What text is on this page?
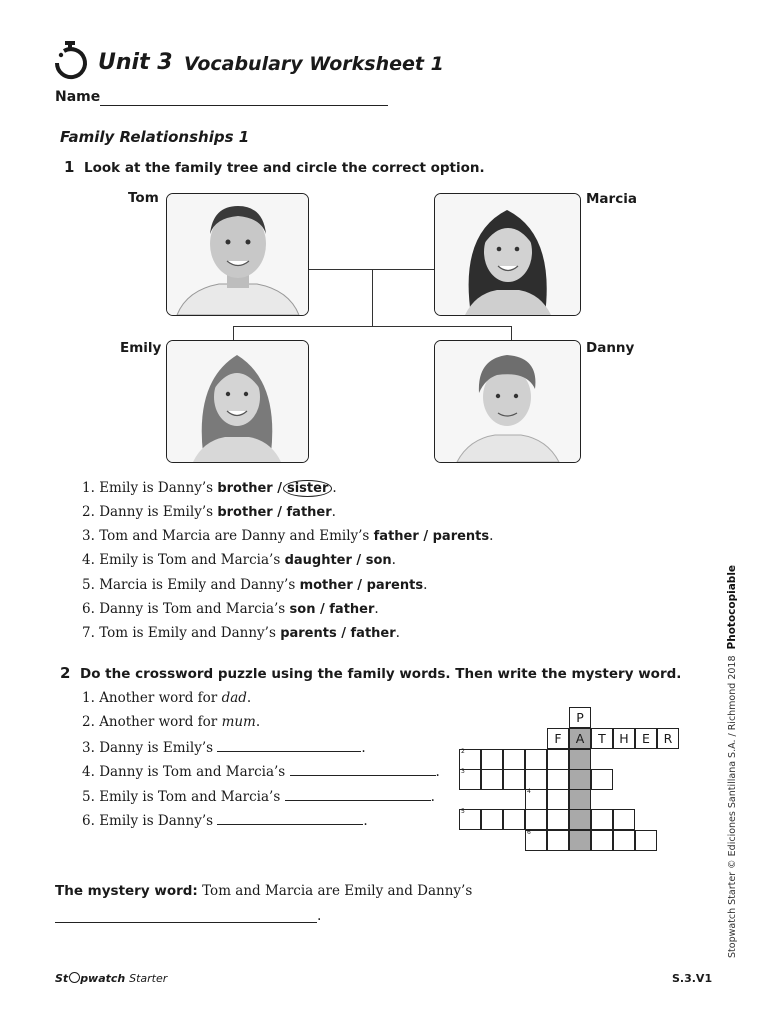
Unit 3 Vocabulary Worksheet 1
Name
Family Relationships 1
1 Look at the family tree and circle the correct option.
Tom	Marcia
Emily	Danny
1. Emily is Danny’s brother / sister .
2. Danny is Emily’s brother / father.
3. Tom and Marcia are Danny and Emily’s father / parents.
4. Emily is Tom and Marcia’s daughter / son.
5. Marcia is Emily and Danny’s mother / parents.
6. Danny is Tom and Marcia’s son / father.
7. Tom is Emily and Danny’s parents / father.
2 Do the crossword puzzle using the family words. Then write the mystery word.
1. Another word for dad.
2. Another word for mum.
3. Danny is Emily’s	.
4. Danny is Tom and Marcia’s	.
5. Emily is Tom and Marcia’s	.
6. Emily is Danny’s	.
P
F	A	T	H	E	R
2
3
4
5
6
The mystery word: Tom and Marcia are Emily and Danny’s
.	Stopwatch Starter © Ediciones Santillana S.A. / Richmond 2018  Photocopiable
St pwatch Starter	S.3.V1
